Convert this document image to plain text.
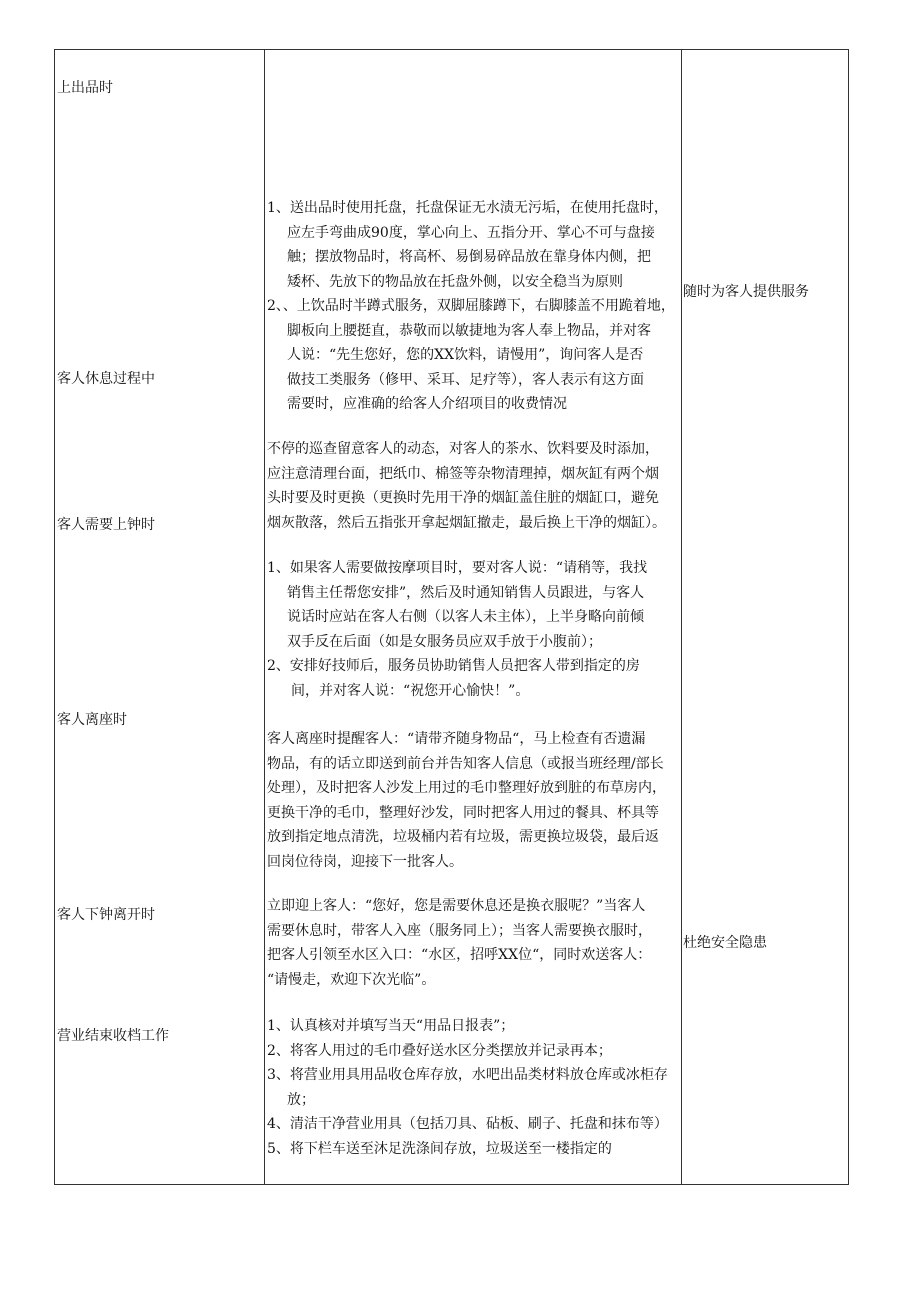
上出品时
客人休息过程中
客人需要上钟时
客人离座时
客人下钟离开时
营业结束收档工作
1、送出品时使用托盘，托盘保证无水渍无污垢，在使用托盘时，
应左手弯曲成90度，掌心向上、五指分开、掌心不可与盘接
触；摆放物品时，将高杯、易倒易碎品放在靠身体内侧，把
矮杯、先放下的物品放在托盘外侧，以安全稳当为原则
2、、上饮品时半蹲式服务，双脚屈膝蹲下，右脚膝盖不用跪着地，
脚板向上腰挺直，恭敬而以敏捷地为客人奉上物品，并对客
人说：“先生您好，您的XX饮料，请慢用”，询问客人是否
做技工类服务（修甲、采耳、足疗等），客人表示有这方面
需要时，应准确的给客人介绍项目的收费情况
不停的巡查留意客人的动态，对客人的茶水、饮料要及时添加，
应注意清理台面，把纸巾、棉签等杂物清理掉，烟灰缸有两个烟
头时要及时更换（更换时先用干净的烟缸盖住脏的烟缸口，避免
烟灰散落，然后五指张开拿起烟缸撤走，最后换上干净的烟缸）。
1、如果客人需要做按摩项目时，要对客人说：“请稍等，我找
销售主任帮您安排”，然后及时通知销售人员跟进，与客人
说话时应站在客人右侧（以客人未主体），上半身略向前倾
双手反在后面（如是女服务员应双手放于小腹前）；
2、安排好技师后，服务员协助销售人员把客人带到指定的房
间，并对客人说：“祝您开心愉快！”。
客人离座时提醒客人：“请带齐随身物品“，马上检查有否遗漏
物品，有的话立即送到前台并告知客人信息（或报当班经理/部长
处理），及时把客人沙发上用过的毛巾整理好放到脏的布草房内，
更换干净的毛巾，整理好沙发，同时把客人用过的餐具、杯具等
放到指定地点清洗，垃圾桶内若有垃圾，需更换垃圾袋，最后返
回岗位待岗，迎接下一批客人。
立即迎上客人：“您好，您是需要休息还是换衣服呢？”当客人
需要休息时，带客人入座（服务同上）；当客人需要换衣服时，
把客人引领至水区入口：“水区，招呼XX位“，同时欢送客人：
“请慢走，欢迎下次光临”。
1、认真核对并填写当天“用品日报表”；
2、将客人用过的毛巾叠好送水区分类摆放并记录再本；
3、将营业用具用品收仓库存放，水吧出品类材料放仓库或冰柜存
放；
4、清洁干净营业用具（包括刀具、砧板、刷子、托盘和抹布等）
5、将下栏车送至沐足洗涤间存放，垃圾送至一楼指定的
随时为客人提供服务
杜绝安全隐患
